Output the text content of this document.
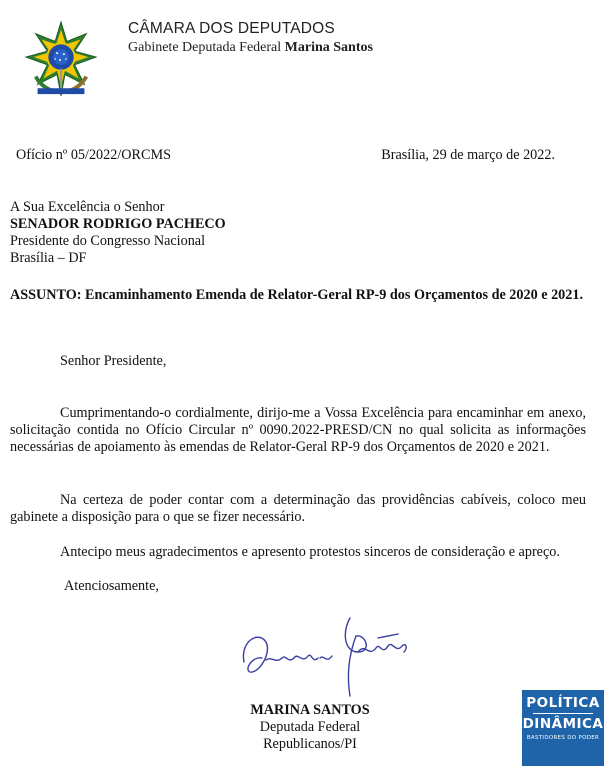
CÂMARA DOS DEPUTADOS
Gabinete Deputada Federal Marina Santos
Ofício nº 05/2022/ORCMS	Brasília, 29 de março de 2022.
A Sua Excelência o Senhor
SENADOR RODRIGO PACHECO
Presidente do Congresso Nacional
Brasília – DF
ASSUNTO: Encaminhamento Emenda de Relator-Geral RP-9 dos Orçamentos de 2020 e 2021.
Senhor Presidente,
Cumprimentando-o cordialmente, dirijo-me a Vossa Excelência para encaminhar em anexo, solicitação contida no Ofício Circular nº 0090.2022-PRESD/CN no qual solicita as informações necessárias de apoiamento às emendas de Relator-Geral RP-9 dos Orçamentos de 2020 e 2021.
Na certeza de poder contar com a determinação das providências cabíveis, coloco meu gabinete a disposição para o que se fizer necessário.
Antecipo meus agradecimentos e apresento protestos sinceros de consideração e apreço.
Atenciosamente,
MARINA SANTOS
Deputada Federal
Republicanos/PI
POLÍTICA
DINÂMICA
BASTIDORES DO PODER
